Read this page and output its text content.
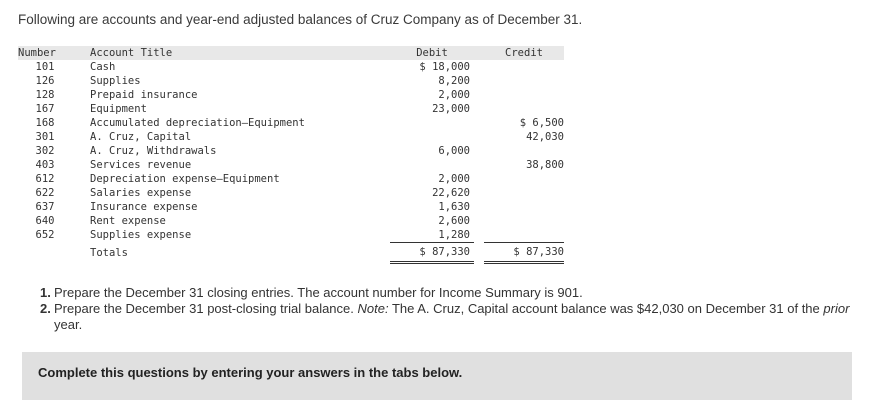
Following are accounts and year-end adjusted balances of Cruz Company as of December 31.

Number	Account Title	Debit		Credit
101	Cash	$ 18,000		
126	Supplies	8,200		
128	Prepaid insurance	2,000		
167	Equipment	23,000		
168	Accumulated depreciation—Equipment			$ 6,500
301	A. Cruz, Capital			42,030
302	A. Cruz, Withdrawals	6,000		
403	Services revenue			38,800
612	Depreciation expense—Equipment	2,000		
622	Salaries expense	22,620		
637	Insurance expense	1,630		
640	Rent expense	2,600		
652	Supplies expense	1,280		
	Totals	$ 87,330		$ 87,330
1. Prepare the December 31 closing entries. The account number for Income Summary is 901.
2. Prepare the December 31 post-closing trial balance. Note: The A. Cruz, Capital account balance was $42,030 on December 31 of the prior year.
Complete this questions by entering your answers in the tabs below.
